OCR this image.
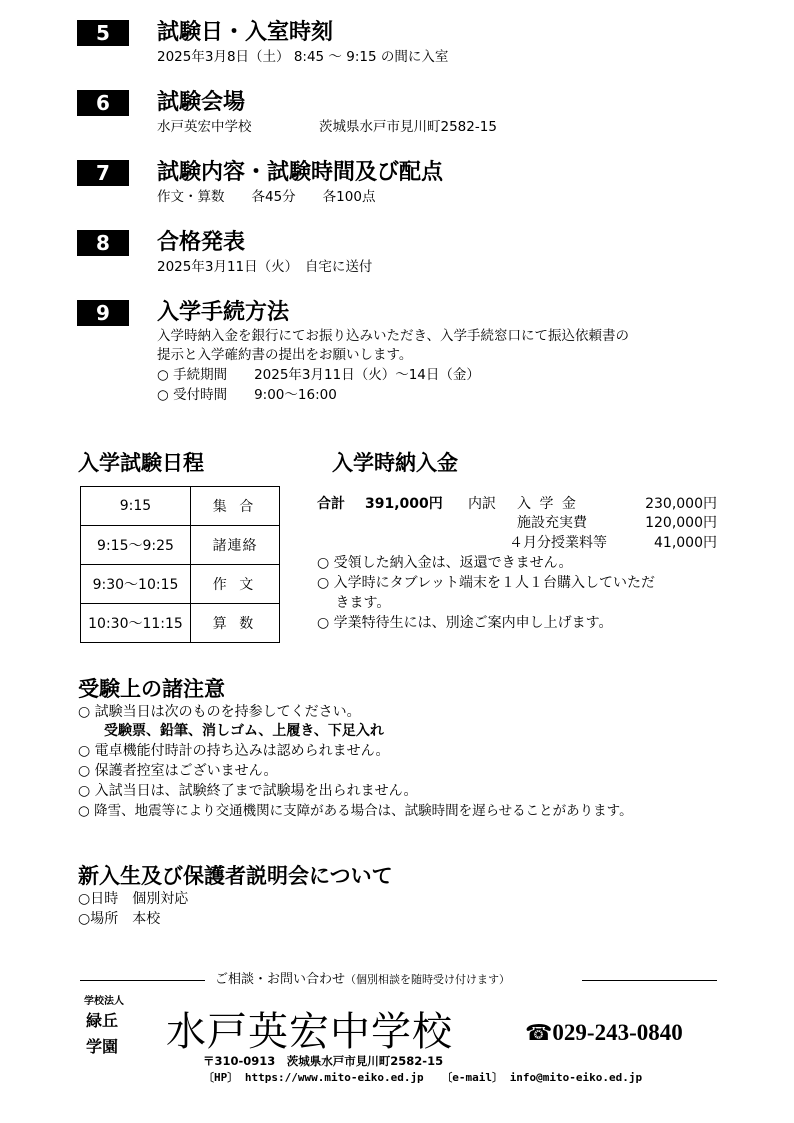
5	試験日・入室時刻
2025年3月8日（土） 8:45 ～ 9:15 の間に入室
6	試験会場
水戸英宏中学校　　　　　茨城県水戸市見川町2582-15
7	試験内容・試験時間及び配点
作文・算数　　各45分　　各100点
8	合格発表
2025年3月11日（火）　自宅に送付
9	入学手続方法
入学時納入金を銀行にてお振り込みいただき、入学手続窓口にて振込依頼書の
提示と入学確約書の提出をお願いします。
○ 手続期間　　2025年3月11日（火）～14日（金）
○ 受付時間　　9:00～16:00
入学試験日程
9:15	集 合
9:15～9:25	諸連絡
9:30～10:15	作 文
10:30～11:15	算 数
入学時納入金
合計 391,000円 内訳 入 学 金	230,000円
施設充実費	120,000円
４月分授業料等	41,000円
○ 受領した納入金は、返還できません。
○ 入学時にタブレット端末を１人１台購入していただ
　 きます。
○ 学業特待生には、別途ご案内申し上げます。
受験上の諸注意
○ 試験当日は次のものを持参してください。
受験票、鉛筆、消しゴム、上履き、下足入れ
○ 電卓機能付時計の持ち込みは認められません。
○ 保護者控室はございません。
○ 入試当日は、試験終了まで試験場を出られません。
○ 降雪、地震等により交通機関に支障がある場合は、試験時間を遅らせることがあります。
新入生及び保護者説明会について
○日時　個別対応
○場所　本校
ご相談・お問い合わせ（個別相談を随時受け付けます）
学校法人
緑丘
学園 水戸英宏中学校	☎029-243-0840
〒310-0913　茨城県水戸市見川町2582-15
〔HP〕 https://www.mito-eiko.ed.jp　 〔e-mail〕 info@mito-eiko.ed.jp
